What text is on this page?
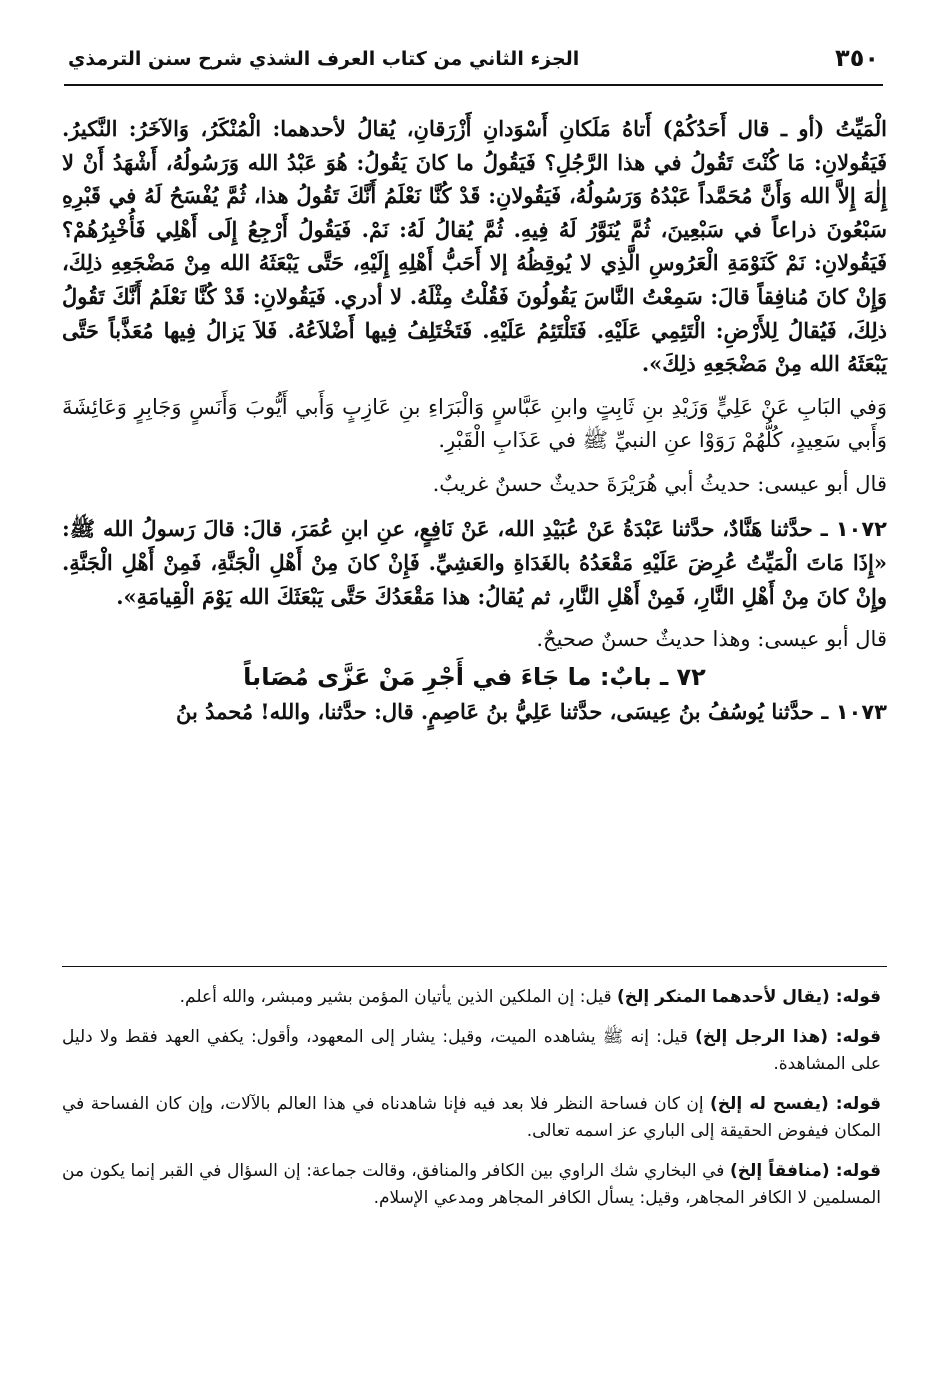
٣٥٠
الجزء الثاني من كتاب العرف الشذي شرح سنن الترمذي

الْمَيِّتُ (أو ـ قال أَحَدُكُمْ) أَتاهُ مَلَكانِ أَسْوَدانِ أَزْرَقانِ، يُقالُ لأحدهما: الْمُنْكَرُ، وَالآخَرُ: النَّكيرُ. فَيَقُولانِ: مَا كُنْتَ تَقُولُ في هذا الرَّجُلِ؟ فَيَقُولُ ما كانَ يَقُولُ: هُوَ عَبْدُ الله وَرَسُولُهُ، أَشْهَدُ أَنْ لا إِلٰهَ إِلاَّ الله وَأَنَّ مُحَمَّداً عَبْدُهُ وَرَسُولُهُ، فَيَقُولانِ: قَدْ كُنَّا نَعْلَمُ أَنَّكَ تَقُولُ هذا، ثُمَّ يُفْسَحُ لَهُ في قَبْرِهِ سَبْعُونَ ذراعاً في سَبْعِينَ، ثُمَّ يُنَوَّرُ لَهُ فِيهِ. ثُمَّ يُقالُ لَهُ: نَمْ. فَيَقُولُ أَرْجِعُ إِلَى أَهْلِي فَأُخْبِرُهُمْ؟ فَيَقُولانِ: نَمْ كَنَوْمَةِ الْعَرُوسِ الَّذِي لا يُوقِظُهُ إلا أَحَبُّ أَهْلِهِ إِلَيْهِ، حَتَّى يَبْعَثَهُ الله مِنْ مَضْجَعِهِ ذلِكَ، وَإِنْ كانَ مُنافِقاً قالَ: سَمِعْتُ النَّاسَ يَقُولُونَ فَقُلْتُ مِثْلَهُ. لا أدري. فَيَقُولانِ: قَدْ كُنَّا نَعْلَمُ أَنَّكَ تَقُولُ ذلِكَ، فَيُقالُ لِلأَرْضِ: الْتَئِمِي عَلَيْهِ. فَتَلْتَئِمُ عَلَيْهِ. فَتَخْتَلِفُ فِيها أَضْلاَعُهُ. فَلاَ يَزالُ فِيها مُعَذَّباً حَتَّى يَبْعَثَهُ الله مِنْ مَضْجَعِهِ ذلِكَ».

وَفي البَابِ عَنْ عَلِيٍّ وَزَيْدِ بنِ ثَابِتٍ وابنِ عَبَّاسٍ وَالْبَرَاءِ بنِ عَازِبٍ وَأَبي أَيُّوبَ وَأَنَسٍ وَجَابِرٍ وَعَائِشَةَ وَأَبي سَعِيدٍ، كُلُّهُمْ رَوَوْا عنِ النبيِّ ﷺ في عَذَابِ الْقَبْرِ.

قال أبو عيسى: حديثُ أبي هُرَيْرَةَ حديثٌ حسنٌ غريبٌ.

١٠٧٢ ـ حدَّثنا هَنَّادٌ، حدَّثنا عَبْدَةُ عَنْ عُبَيْدِ الله، عَنْ نَافِعٍ، عنِ ابنِ عُمَرَ، قالَ: قالَ رَسولُ الله ﷺ: «إِذَا مَاتَ الْمَيِّتُ عُرِضَ عَلَيْهِ مَقْعَدُهُ بالغَدَاةِ والعَشِيِّ. فَإِنْ كانَ مِنْ أَهْلِ الْجَنَّةِ، فَمِنْ أَهْلِ الْجَنَّةِ. وإِنْ كانَ مِنْ أَهْلِ النَّارِ، فَمِنْ أَهْلِ النَّارِ، ثم يُقالُ: هذا مَقْعَدُكَ حَتَّى يَبْعَثَكَ الله يَوْمَ الْقِيامَةِ».

قال أبو عيسى: وهذا حديثٌ حسنٌ صحيحٌ.

٧٢ ـ بابٌ: ما جَاءَ في أَجْرِ مَنْ عَزَّى مُصَاباً

١٠٧٣ ـ حدَّثنا يُوسُفُ بنُ عِيسَى، حدَّثنا عَلِيُّ بنُ عَاصِمٍ. قال: حدَّثنا، والله! مُحمدُ بنُ

قوله: (يقال لأحدهما المنكر إلخ) قيل: إن الملكين الذين يأتيان المؤمن بشير ومبشر، والله أعلم.

قوله: (هذا الرجل إلخ) قيل: إنه ﷺ يشاهده الميت، وقيل: يشار إلى المعهود، وأقول: يكفي العهد فقط ولا دليل على المشاهدة.

قوله: (يفسح له إلخ) إن كان فساحة النظر فلا بعد فيه فإنا شاهدناه في هذا العالم بالآلات، وإن كان الفساحة في المكان فيفوض الحقيقة إلى الباري عز اسمه تعالى.

قوله: (منافقاً إلخ) في البخاري شك الراوي بين الكافر والمنافق، وقالت جماعة: إن السؤال في القبر إنما يكون من المسلمين لا الكافر المجاهر، وقيل: يسأل الكافر المجاهر ومدعي الإسلام.
